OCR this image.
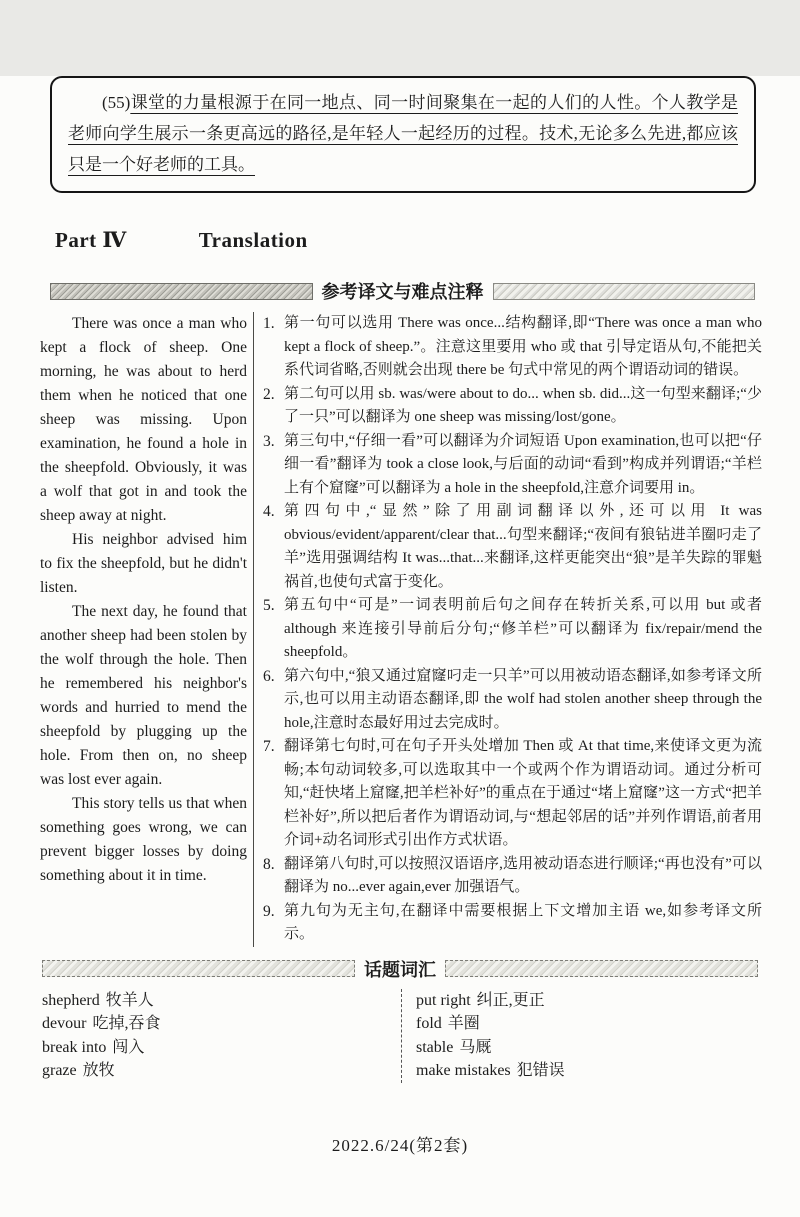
(55)课堂的力量根源于在同一地点、同一时间聚集在一起的人们的人性。个人教学是老师向学生展示一条更高远的路径,是年轻人一起经历的过程。技术,无论多么先进,都应该只是一个好老师的工具。

Part Ⅳ	Translation
参考译文与难点注释

There was once a man who kept a flock of sheep. One morning, he was about to herd them when he noticed that one sheep was missing. Upon examination, he found a hole in the sheepfold. Obviously, it was a wolf that got in and took the sheep away at night.

His neighbor advised him to fix the sheepfold, but he didn't listen.

The next day, he found that another sheep had been stolen by the wolf through the hole. Then he remembered his neighbor's words and hurried to mend the sheepfold by plugging up the hole. From then on, no sheep was lost ever again.

This story tells us that when something goes wrong, we can prevent bigger losses by doing something about it in time.

1. 第一句可以选用 There was once...结构翻译,即“There was once a man who kept a flock of sheep.”。注意这里要用 who 或 that 引导定语从句,不能把关系代词省略,否则就会出现 there be 句式中常见的两个谓语动词的错误。
2. 第二句可以用 sb. was/were about to do... when sb. did...这一句型来翻译;“少了一只”可以翻译为 one sheep was missing/lost/gone。
3. 第三句中,“仔细一看”可以翻译为介词短语 Upon examination,也可以把“仔细一看”翻译为 took a close look,与后面的动词“看到”构成并列谓语;“羊栏上有个窟窿”可以翻译为 a hole in the sheepfold,注意介词要用 in。
4. 第四句中,“显然”除了用副词翻译以外,还可以用 It was obvious/evident/apparent/clear that...句型来翻译;“夜间有狼钻进羊圈叼走了羊”选用强调结构 It was...that...来翻译,这样更能突出“狼”是羊失踪的罪魁祸首,也使句式富于变化。
5. 第五句中“可是”一词表明前后句之间存在转折关系,可以用 but 或者 although 来连接引导前后分句;“修羊栏”可以翻译为 fix/repair/mend the sheepfold。
6. 第六句中,“狼又通过窟窿叼走一只羊”可以用被动语态翻译,如参考译文所示,也可以用主动语态翻译,即 the wolf had stolen another sheep through the hole,注意时态最好用过去完成时。
7. 翻译第七句时,可在句子开头处增加 Then 或 At that time,来使译文更为流畅;本句动词较多,可以选取其中一个或两个作为谓语动词。通过分析可知,“赶快堵上窟窿,把羊栏补好”的重点在于通过“堵上窟窿”这一方式“把羊栏补好”,所以把后者作为谓语动词,与“想起邻居的话”并列作谓语,前者用介词+动名词形式引出作方式状语。
8. 翻译第八句时,可以按照汉语语序,选用被动语态进行顺译;“再也没有”可以翻译为 no...ever again,ever 加强语气。
9. 第九句为无主句,在翻译中需要根据上下文增加主语 we,如参考译文所示。
话题词汇
shepherd 牧羊人
devour 吃掉,吞食
break into 闯入
graze 放牧
put right 纠正,更正
fold 羊圈
stable 马厩
make mistakes 犯错误
2022.6/24(第2套)
